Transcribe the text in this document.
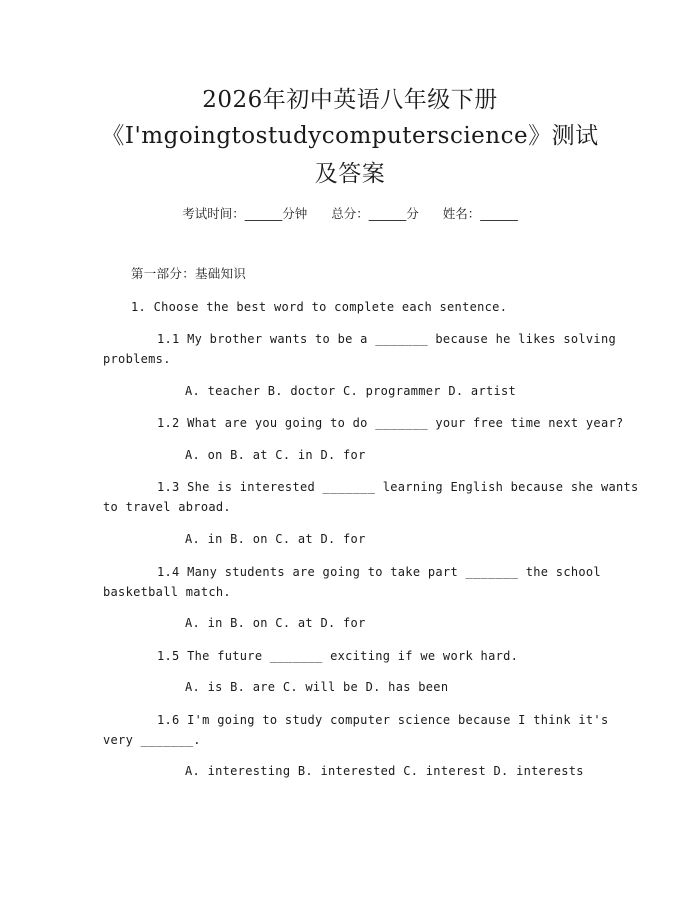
2026年初中英语八年级下册
《I'mgoingtostudycomputerscience》测试
及答案
考试时间：______分钟 总分：______分 姓名：______
第一部分：基础知识
1. Choose the best word to complete each sentence.
1.1 My brother wants to be a _______ because he likes solving
problems.
A. teacher B. doctor C. programmer D. artist
1.2 What are you going to do _______ your free time next year?
A. on B. at C. in D. for
1.3 She is interested _______ learning English because she wants
to travel abroad.
A. in B. on C. at D. for
1.4 Many students are going to take part _______ the school
basketball match.
A. in B. on C. at D. for
1.5 The future _______ exciting if we work hard.
A. is B. are C. will be D. has been
1.6 I'm going to study computer science because I think it's
very _______.
A. interesting B. interested C. interest D. interests
